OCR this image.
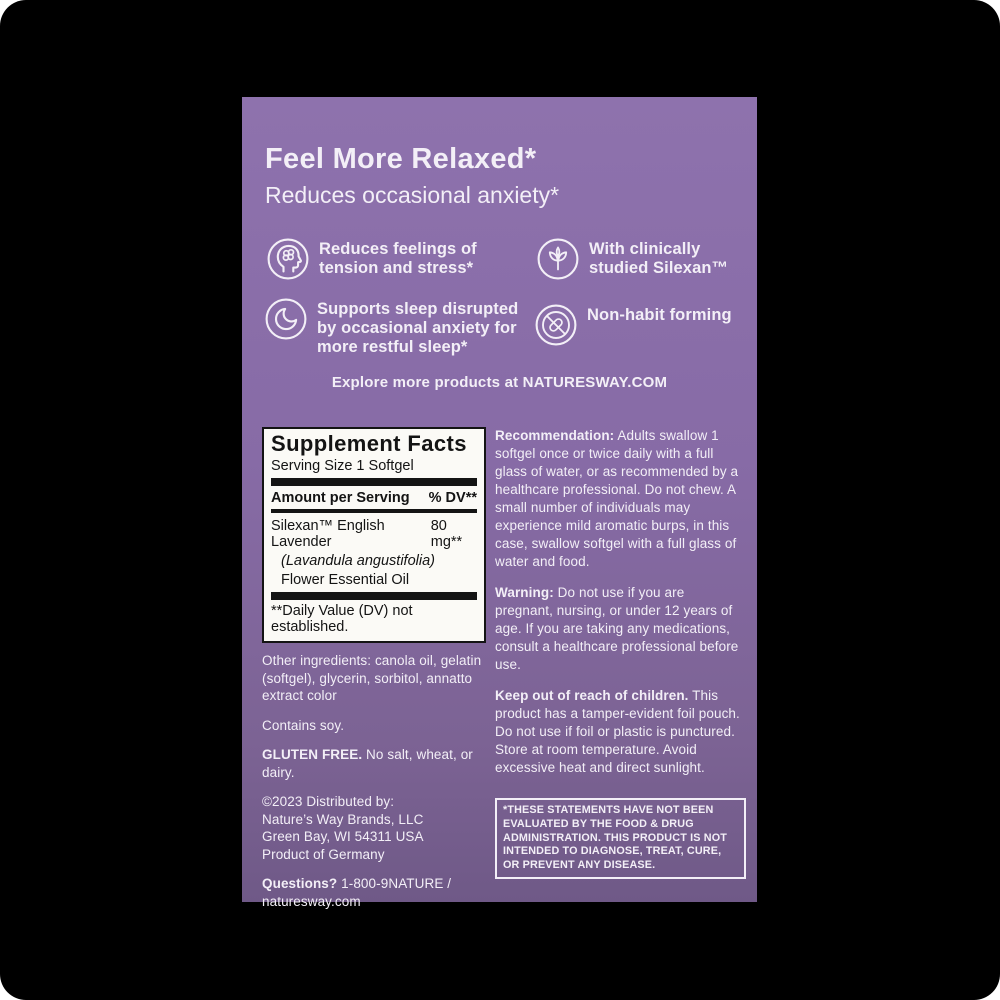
Feel More Relaxed*
Reduces occasional anxiety*
Reduces feelings of tension and stress*
With clinically studied Silexan™
Supports sleep disrupted by occasional anxiety for more restful sleep*
Non-habit forming
Explore more products at NATURESWAY.COM
Supplement Facts
Serving Size 1 Softgel
Amount per Serving % DV**
Silexan™ English Lavender
80 mg**
(Lavandula angustifolia)
Flower Essential Oil
**Daily Value (DV) not established.
Other ingredients: canola oil, gelatin (softgel), glycerin, sorbitol, annatto extract color
Contains soy.
GLUTEN FREE. No salt, wheat, or dairy.
©2023 Distributed by:
Nature’s Way Brands, LLC
Green Bay, WI 54311 USA
Product of Germany
Questions? 1-800-9NATURE / naturesway.com
Recommendation: Adults swallow 1 softgel once or twice daily with a full glass of water, or as recommended by a healthcare professional. Do not chew. A small number of individuals may experience mild aromatic burps, in this case, swallow softgel with a full glass of water and food.
Warning: Do not use if you are pregnant, nursing, or under 12 years of age. If you are taking any medications, consult a healthcare professional before use.
Keep out of reach of children. This product has a tamper-evident foil pouch. Do not use if foil or plastic is punctured. Store at room temperature. Avoid excessive heat and direct sunlight.
*THESE STATEMENTS HAVE NOT BEEN EVALUATED BY THE FOOD & DRUG ADMINISTRATION. THIS PRODUCT IS NOT INTENDED TO DIAGNOSE, TREAT, CURE, OR PREVENT ANY DISEASE.
